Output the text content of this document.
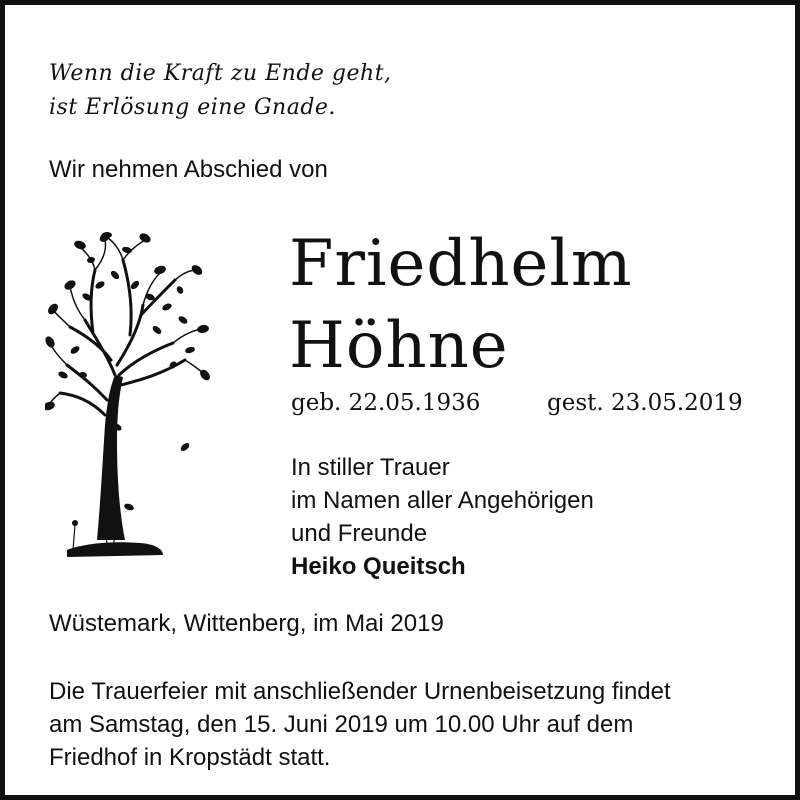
Wenn die Kraft zu Ende geht,
ist Erlösung eine Gnade.
Wir nehmen Abschied von
Friedhelm
Höhne
geb. 22.05.1936	gest. 23.05.2019
In stiller Trauer
im Namen aller Angehörigen
und Freunde
Heiko Queitsch
Wüstemark, Wittenberg, im Mai 2019
Die Trauerfeier mit anschließender Urnenbeisetzung findet
am Samstag, den 15. Juni 2019 um 10.00 Uhr auf dem
Friedhof in Kropstädt statt.
